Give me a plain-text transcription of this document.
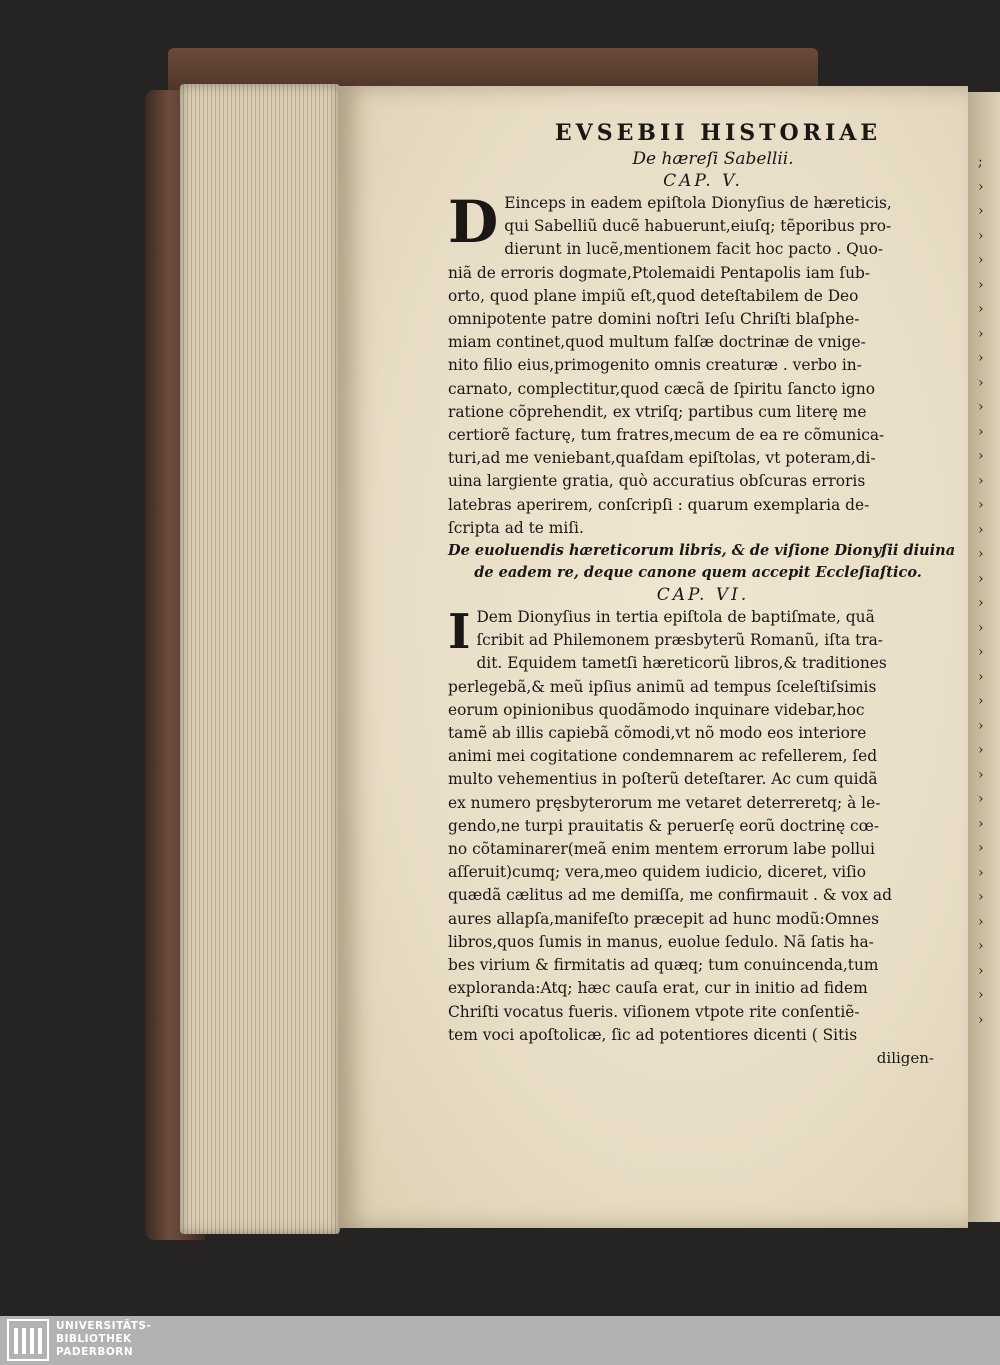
;
›
›
›
›
›
›
›
›
›
›
›
›
›
›
›
›
›
›
›
›
›
›
›
›
›
›
›
›
›
›
›
›
›
›
›
EVSEBII HISTORIAE
De hæreſi Sabellii.
CAP. V.
D Einceps in eadem epiſtola Dionyſius de hæreticis,
qui Sabelliũ ducẽ habuerunt,eiuſq; tẽporibus pro-
dierunt in lucẽ,mentionem facit hoc pacto . Quo-
niã de erroris dogmate,Ptolemaidi Pentapolis iam ſub-
orto, quod plane impiũ eſt,quod deteſtabilem de Deo
omnipotente patre domini noſtri Ieſu Chriſti blaſphe-
miam continet,quod multum falſæ doctrinæ de vnige-
nito filio eius,primogenito omnis creaturæ . verbo in-
carnato, complectitur,quod cæcã de ſpiritu ſancto igno
ratione cõprehendit, ex vtriſq; partibus cum literę me
certiorẽ facturę, tum fratres,mecum de ea re cõmunica-
turi,ad me veniebant,quaſdam epiſtolas, vt poteram,di-
uina largiente gratia, quò accuratius obſcuras erroris
latebras aperirem, conſcripſi : quarum exemplaria de-
ſcripta ad te miſi.
De euoluendis hæreticorum libris, & de viſione Dionyſii diuina
de eadem re, deque canone quem accepit Eccleſiaſtico.
CAP. VI.
I Dem Dionyſius in tertia epiſtola de baptiſmate, quã
ſcribit ad Philemonem præsbyterũ Romanũ, iſta tra-
dit. Equidem tametſi hæreticorũ libros,& traditiones
perlegebã,& meũ ipſius animũ ad tempus ſceleſtiſsimis
eorum opinionibus quodãmodo inquinare videbar,hoc
tamẽ ab illis capiebã cõmodi,vt nõ modo eos interiore
animi mei cogitatione condemnarem ac refellerem, ſed
multo vehementius in poſterũ deteſtarer. Ac cum quidã
ex numero pręsbyterorum me vetaret deterreretq; à le-
gendo,ne turpi prauitatis & peruerſę eorũ doctrinę cœ-
no cõtaminarer(meã enim mentem errorum labe pollui
aſſeruit)cumq; vera,meo quidem iudicio, diceret, viſio
quædã cælitus ad me demiſſa, me confirmauit . & vox ad
aures allapſa,manifeſto præcepit ad hunc modũ:Omnes
libros,quos ſumis in manus, euolue ſedulo. Nã ſatis ha-
bes virium & firmitatis ad quæq; tum conuincenda,tum
exploranda:Atq; hæc cauſa erat, cur in initio ad fidem
Chriſti vocatus fueris. viſionem vtpote rite conſentiẽ-
tem voci apoſtolicæ, ſic ad potentiores dicenti ( Sitis
diligen-
UNIVERSITÄTS-
BIBLIOTHEK
PADERBORN
